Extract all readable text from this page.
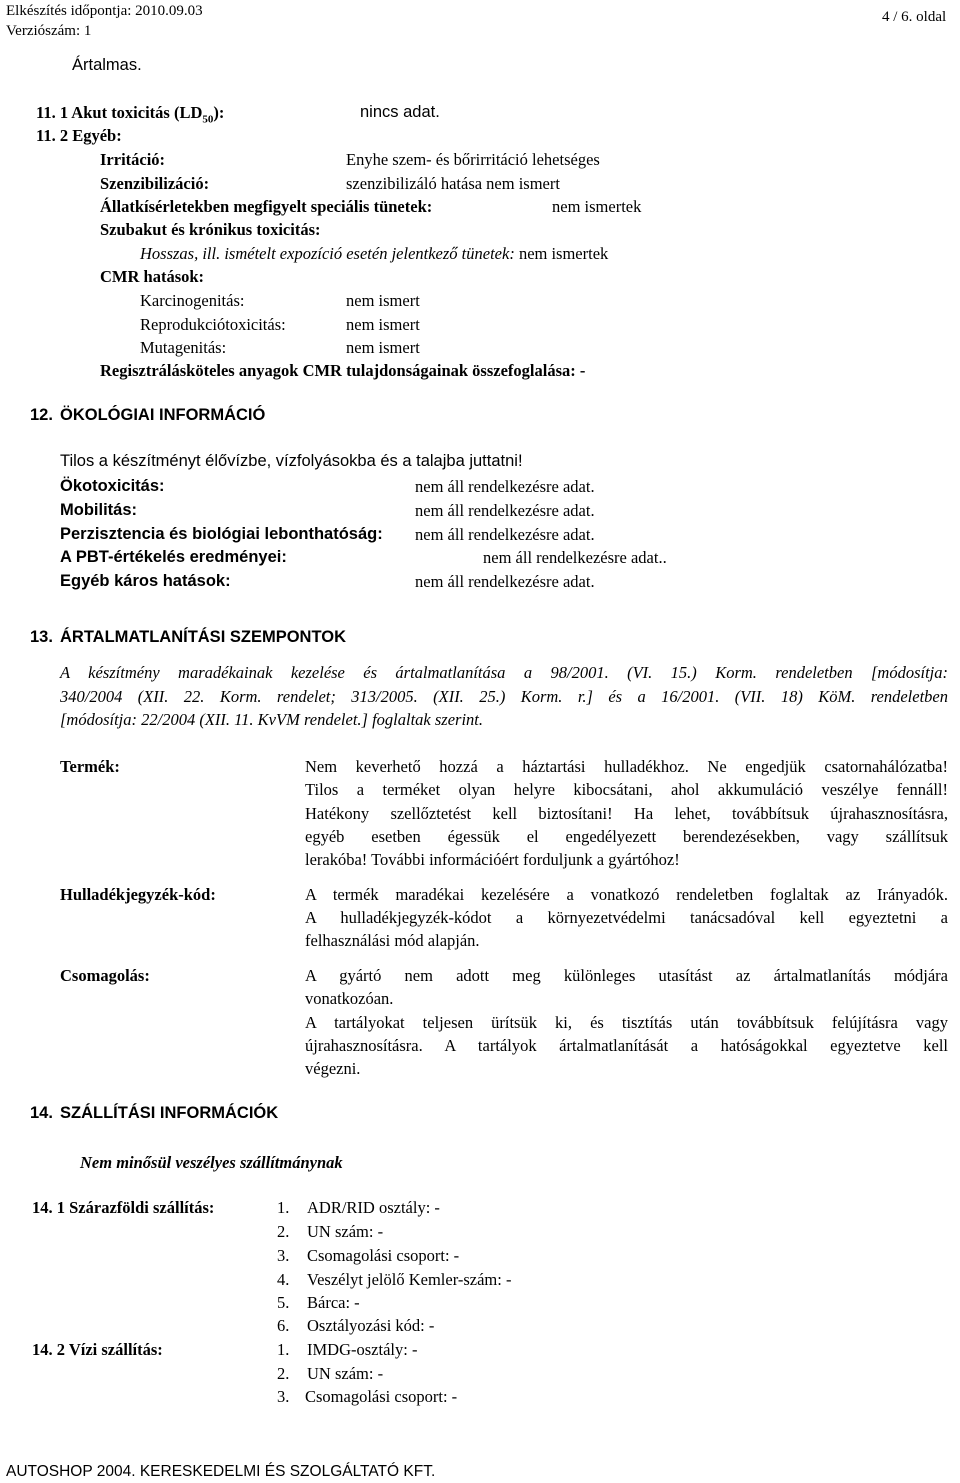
Elkészítés időpontja: 2010.09.03
Verziószám: 1
4 / 6. oldal
Ártalmas.
11. 1 Akut toxicitás $(LD_{50})$:	nincs adat.
11. 2 Egyéb:
Irritáció:	Enyhe szem- és bőrirritáció lehetséges
Szenzibilizáció:	szenzibilizáló hatása nem ismert
Állatkísérletekben megfigyelt speciális tünetek:	nem ismertek
Szubakut és krónikus toxicitás:
Hosszas, ill. ismételt expozíció esetén jelentkező tünetek: nem ismertek
CMR hatások:
Karcinogenitás:	nem ismert
Reprodukciótoxicitás:	nem ismert
Mutagenitás:	nem ismert
Regisztrálásköteles anyagok CMR tulajdonságainak összefoglalása: -
12. ÖKOLÓGIAI INFORMÁCIÓ
Tilos a készítményt élővízbe, vízfolyásokba és a talajba juttatni!
Ökotoxicitás:	nem áll rendelkezésre adat.
Mobilitás:	nem áll rendelkezésre adat.
Perzisztencia és biológiai lebonthatóság: nem áll rendelkezésre adat.
A PBT-értékelés eredményei:	nem áll rendelkezésre adat..
Egyéb káros hatások:	nem áll rendelkezésre adat.
13. ÁRTALMATLANÍTÁSI SZEMPONTOK
A készítmény maradékainak kezelése és ártalmatlanítása a 98/2001. (VI. 15.) Korm. rendeletben [módosítja:
340/2004 (XII. 22. Korm. rendelet; 313/2005. (XII. 25.) Korm. r.] és a 16/2001. (VII. 18) KöM. rendeletben
[módosítja: 22/2004 (XII. 11. KvVM rendelet.] foglaltak szerint.
Termék:	Nem keverhető hozzá a háztartási hulladékhoz. Ne engedjük csatornahálózatba!
Tilos a terméket olyan helyre kibocsátani, ahol akkumuláció veszélye fennáll!
Hatékony szellőztetést kell biztosítani! Ha lehet, továbbítsuk újrahasznosításra,
egyéb esetben égessük el engedélyezett berendezésekben, vagy szállítsuk
lerakóba! További információért forduljunk a gyártóhoz!
Hulladékjegyzék-kód:	A termék maradékai kezelésére a vonatkozó rendeletben foglaltak az Irányadók.
A hulladékjegyzék-kódot a környezetvédelmi tanácsadóval kell egyeztetni a
felhasználási mód alapján.
Csomagolás:	A gyártó nem adott meg különleges utasítást az ártalmatlanítás módjára
vonatkozóan.
A tartályokat teljesen ürítsük ki, és tisztítás után továbbítsuk felújításra vagy
újrahasznosításra. A tartályok ártalmatlanítását a hatóságokkal egyeztetve kell
végezni.
14. SZÁLLÍTÁSI INFORMÁCIÓK
Nem minősül veszélyes szállítmánynak
14. 1 Szárazföldi szállítás:	1. ADR/RID osztály: -
2. UN szám: -
3. Csomagolási csoport: -
4. Veszélyt jelölő Kemler-szám: -
5. Bárca: -
6. Osztályozási kód: -
14. 2 Vízi szállítás:	1. IMDG-osztály: -
2. UN szám: -
3. Csomagolási csoport: -
AUTOSHOP 2004. KERESKEDELMI ÉS SZOLGÁLTATÓ KFT.
